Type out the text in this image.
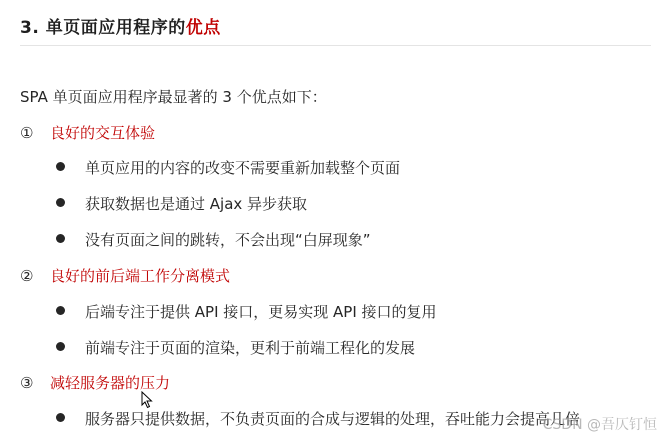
3. 单页面应用程序的优点
SPA 单页面应用程序最显著的 3 个优点如下：
① 良好的交互体验
单页应用的内容的改变不需要重新加载整个页面
获取数据也是通过 Ajax 异步获取
没有页面之间的跳转，不会出现“白屏现象”
② 良好的前后端工作分离模式
后端专注于提供 API 接口，更易实现 API 接口的复用
前端专注于页面的渲染，更利于前端工程化的发展
③ 减轻服务器的压力
服务器只提供数据，不负责页面的合成与逻辑的处理，吞吐能力会提高几倍
CSDN @吾仄钉恒
